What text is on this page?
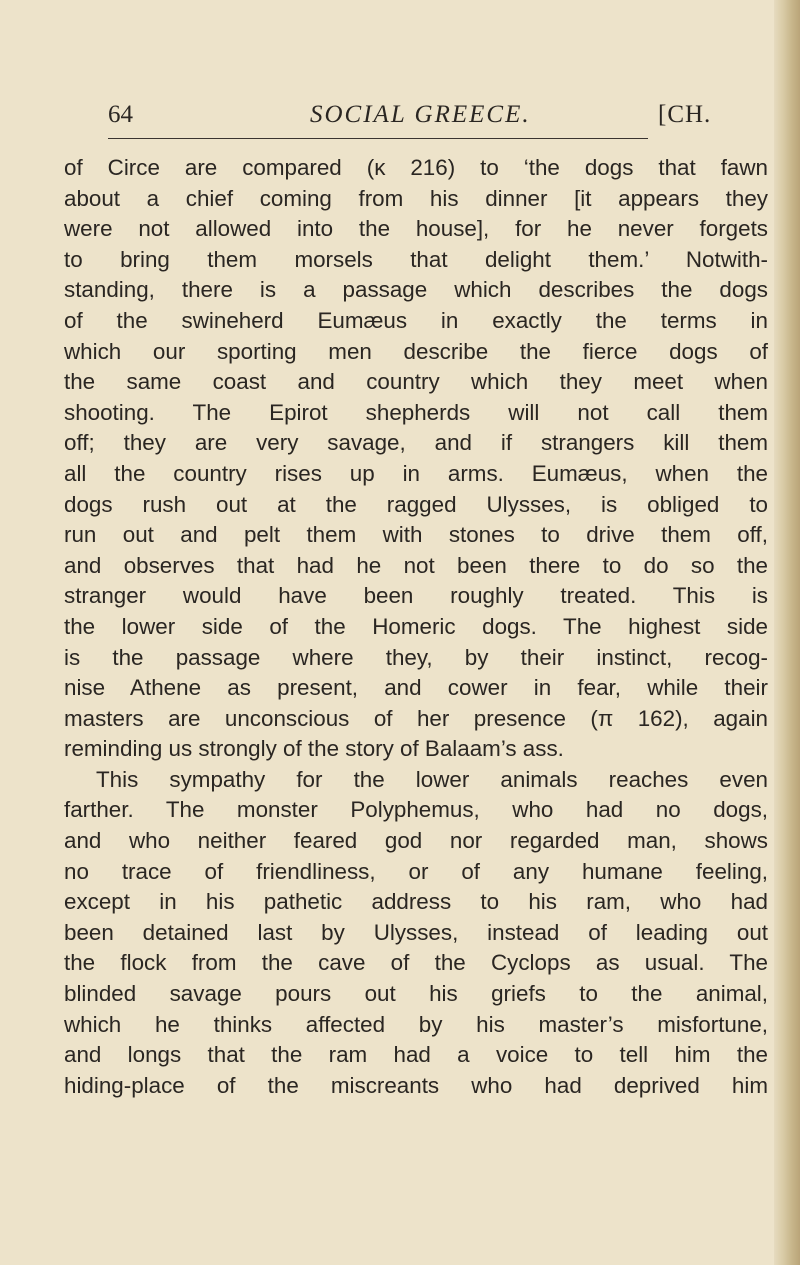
64	SOCIAL GREECE.	[CH.
of Circe are compared (κ 216) to ‘the dogs that fawn
about a chief coming from his dinner [it appears they
were not allowed into the house], for he never forgets
to bring them morsels that delight them.’ Notwith-
standing, there is a passage which describes the dogs
of the swineherd Eumæus in exactly the terms in
which our sporting men describe the fierce dogs of
the same coast and country which they meet when
shooting. The Epirot shepherds will not call them
off; they are very savage, and if strangers kill them
all the country rises up in arms. Eumæus, when the
dogs rush out at the ragged Ulysses, is obliged to
run out and pelt them with stones to drive them off,
and observes that had he not been there to do so the
stranger would have been roughly treated. This is
the lower side of the Homeric dogs. The highest side
is the passage where they, by their instinct, recog-
nise Athene as present, and cower in fear, while their
masters are unconscious of her presence (π 162), again
reminding us strongly of the story of Balaam’s ass.
This sympathy for the lower animals reaches even
farther. The monster Polyphemus, who had no dogs,
and who neither feared god nor regarded man, shows
no trace of friendliness, or of any humane feeling,
except in his pathetic address to his ram, who had
been detained last by Ulysses, instead of leading out
the flock from the cave of the Cyclops as usual. The
blinded savage pours out his griefs to the animal,
which he thinks affected by his master’s misfortune,
and longs that the ram had a voice to tell him the
hiding-place of the miscreants who had deprived him
